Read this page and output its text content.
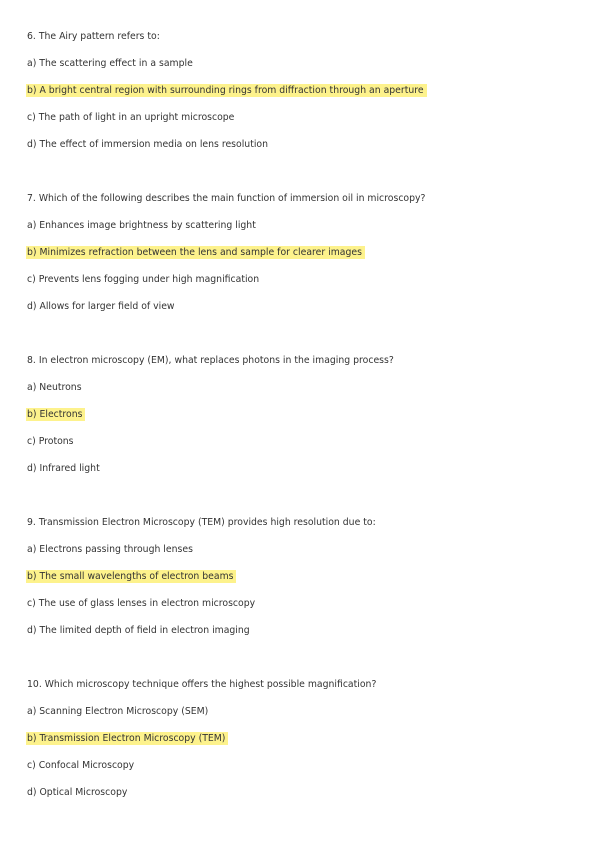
6. The Airy pattern refers to:
a) The scattering effect in a sample
b) A bright central region with surrounding rings from diffraction through an aperture
c) The path of light in an upright microscope
d) The effect of immersion media on lens resolution
7. Which of the following describes the main function of immersion oil in microscopy?
a) Enhances image brightness by scattering light
b) Minimizes refraction between the lens and sample for clearer images
c) Prevents lens fogging under high magnification
d) Allows for larger field of view
8. In electron microscopy (EM), what replaces photons in the imaging process?
a) Neutrons
b) Electrons
c) Protons
d) Infrared light
9. Transmission Electron Microscopy (TEM) provides high resolution due to:
a) Electrons passing through lenses
b) The small wavelengths of electron beams
c) The use of glass lenses in electron microscopy
d) The limited depth of field in electron imaging
10. Which microscopy technique offers the highest possible magnification?
a) Scanning Electron Microscopy (SEM)
b) Transmission Electron Microscopy (TEM)
c) Confocal Microscopy
d) Optical Microscopy
